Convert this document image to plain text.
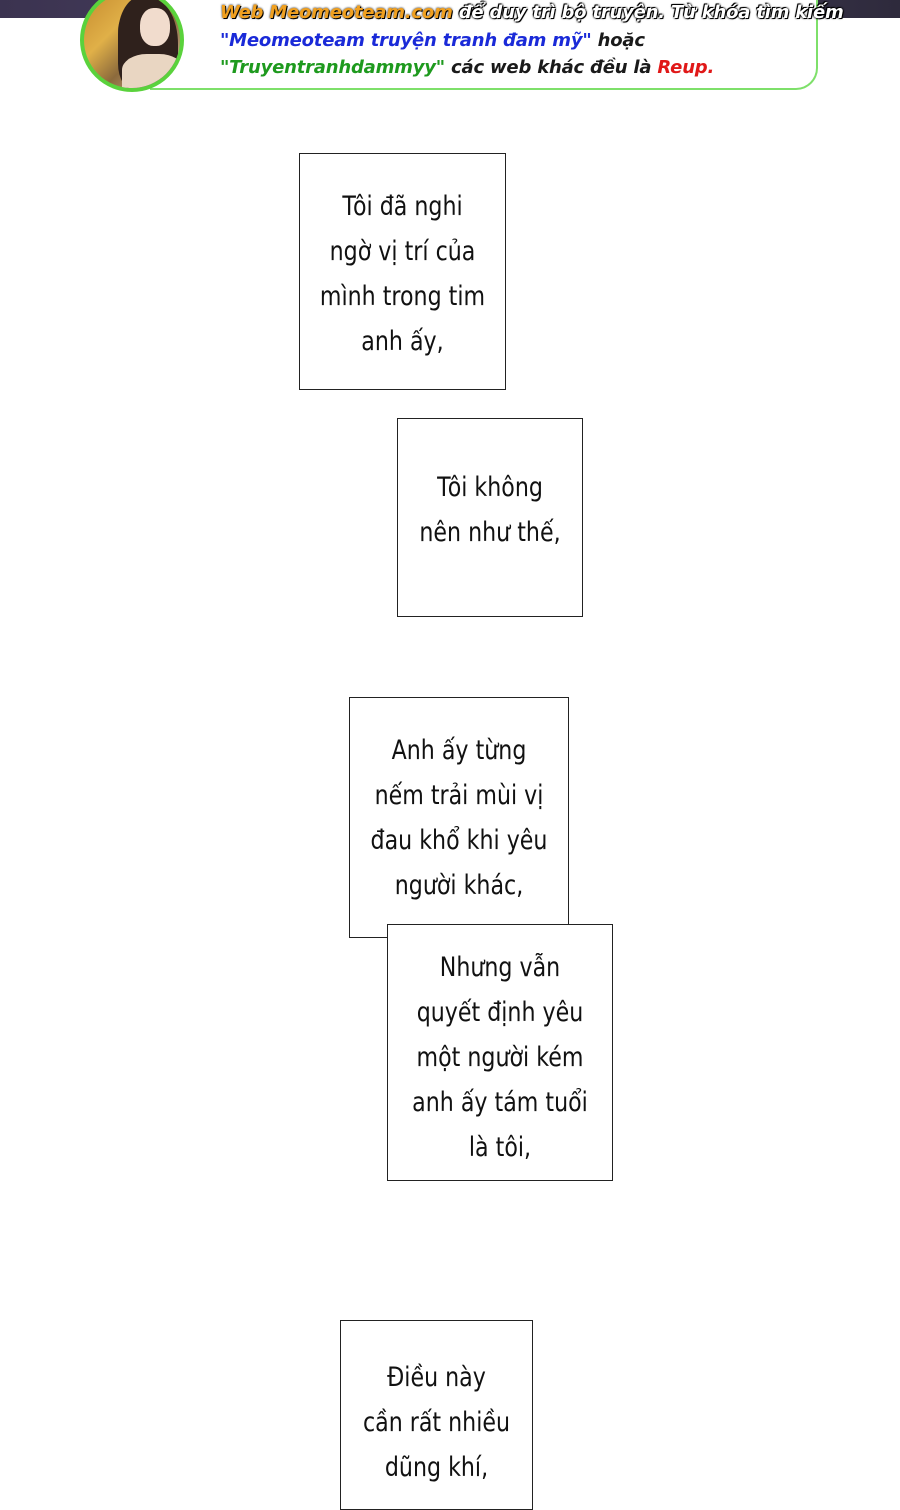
Web Meomeoteam.com để duy trì bộ truyện. Từ khóa tìm kiếm
"Meomeoteam truyện tranh đam mỹ" hoặc
"Truyentranhdammyy" các web khác đều là Reup.
Tôi đã nghi
ngờ vị trí của
mình trong tim
anh ấy,
Tôi không
nên như thế,
Anh ấy từng
nếm trải mùi vị
đau khổ khi yêu
người khác,
Nhưng vẫn
quyết định yêu
một người kém
anh ấy tám tuổi
là tôi,
Điều này
cần rất nhiều
dũng khí,
